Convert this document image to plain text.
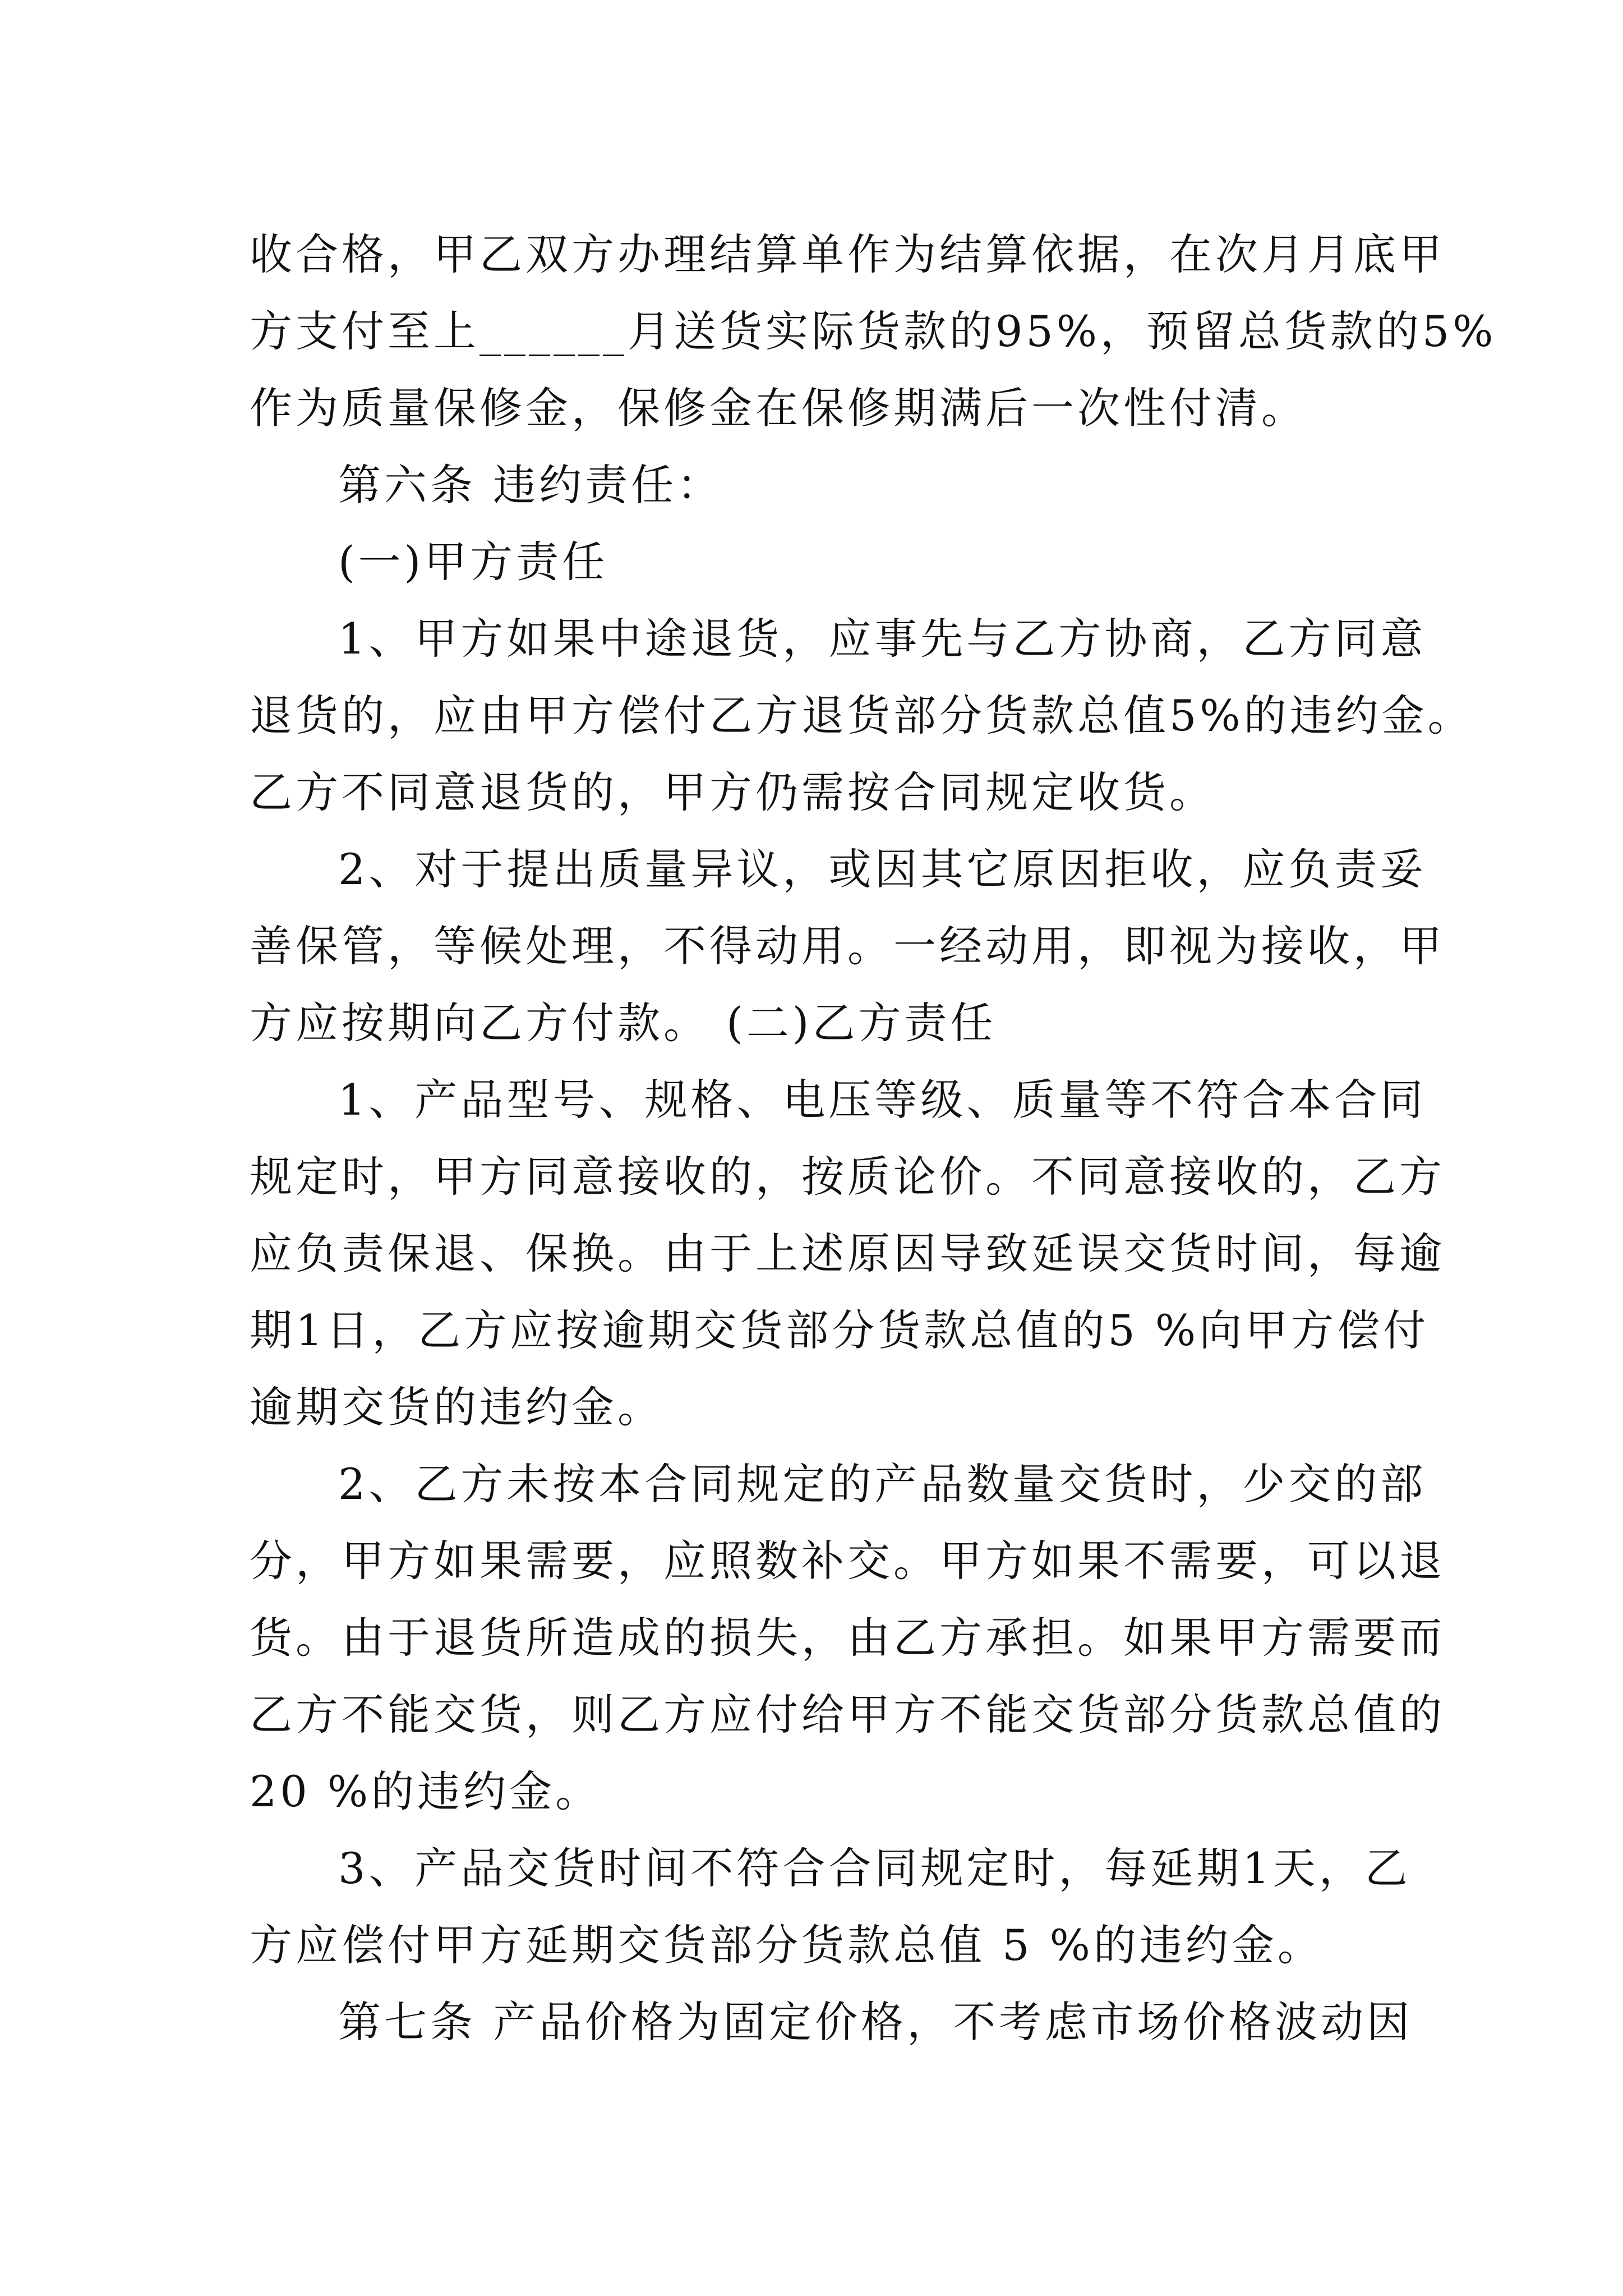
收合格，甲乙双方办理结算单作为结算依据，在次月月底甲
方支付至上______月送货实际货款的95%，预留总货款的5%
作为质量保修金，保修金在保修期满后一次性付清。
第六条 违约责任：
(一)甲方责任
1、甲方如果中途退货，应事先与乙方协商，乙方同意
退货的，应由甲方偿付乙方退货部分货款总值5%的违约金。
乙方不同意退货的，甲方仍需按合同规定收货。
2、对于提出质量异议，或因其它原因拒收，应负责妥
善保管，等候处理，不得动用。一经动用，即视为接收，甲
方应按期向乙方付款。 (二)乙方责任
1、产品型号、规格、电压等级、质量等不符合本合同
规定时，甲方同意接收的，按质论价。不同意接收的，乙方
应负责保退、保换。由于上述原因导致延误交货时间，每逾
期1日，乙方应按逾期交货部分货款总值的5 %向甲方偿付
逾期交货的违约金。
2、乙方未按本合同规定的产品数量交货时，少交的部
分，甲方如果需要，应照数补交。甲方如果不需要，可以退
货。由于退货所造成的损失，由乙方承担。如果甲方需要而
乙方不能交货，则乙方应付给甲方不能交货部分货款总值的
20 %的违约金。
3、产品交货时间不符合合同规定时，每延期1天，乙
方应偿付甲方延期交货部分货款总值 5 %的违约金。
第七条 产品价格为固定价格，不考虑市场价格波动因
